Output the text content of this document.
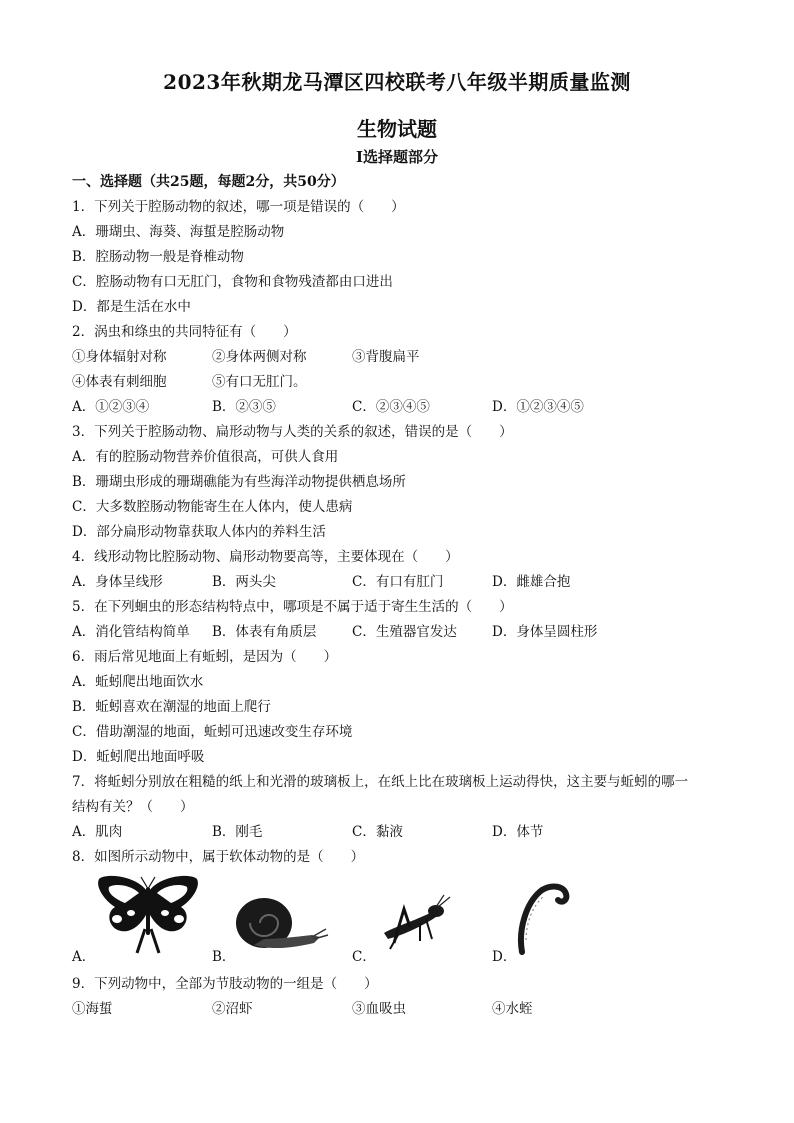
2023年秋期龙马潭区四校联考八年级半期质量监测
生物试题
Ⅰ选择题部分
一、选择题（共25题，每题2分，共50分）
1．下列关于腔肠动物的叙述，哪一项是错误的（　　）
A．珊瑚虫、海葵、海蜇是腔肠动物
B．腔肠动物一般是脊椎动物
C．腔肠动物有口无肛门，食物和食物残渣都由口进出
D．都是生活在水中
2．涡虫和绦虫的共同特征有（　　）
①身体辐射对称	②身体两侧对称	③背腹扁平
④体表有刺细胞	⑤有口无肛门。
A．①②③④	B．②③⑤	C．②③④⑤	D．①②③④⑤
3．下列关于腔肠动物、扁形动物与人类的关系的叙述，错误的是（　　）
A．有的腔肠动物营养价值很高，可供人食用
B．珊瑚虫形成的珊瑚礁能为有些海洋动物提供栖息场所
C．大多数腔肠动物能寄生在人体内，使人患病
D．部分扁形动物靠获取人体内的养料生活
4．线形动物比腔肠动物、扁形动物要高等，主要体现在（　　）
A．身体呈线形	B．两头尖	C．有口有肛门	D．雌雄合抱
5．在下列蛔虫的形态结构特点中，哪项是不属于适于寄生生活的（　　）
A．消化管结构简单 B．体表有角质层	C．生殖器官发达	D．身体呈圆柱形
6．雨后常见地面上有蚯蚓，是因为（　　）
A．蚯蚓爬出地面饮水
B．蚯蚓喜欢在潮湿的地面上爬行
C．借助潮湿的地面，蚯蚓可迅速改变生存环境
D．蚯蚓爬出地面呼吸
7．将蚯蚓分别放在粗糙的纸上和光滑的玻璃板上，在纸上比在玻璃板上运动得快，这主要与蚯蚓的哪一
结构有关？（　　）
A．肌肉	B．刚毛	C．黏液	D．体节
8．如图所示动物中，属于软体动物的是（　　）
A．	B．	C．	D．
9．下列动物中，全部为节肢动物的一组是（　　）
①海蜇	②沼虾	③血吸虫	④水蛭
